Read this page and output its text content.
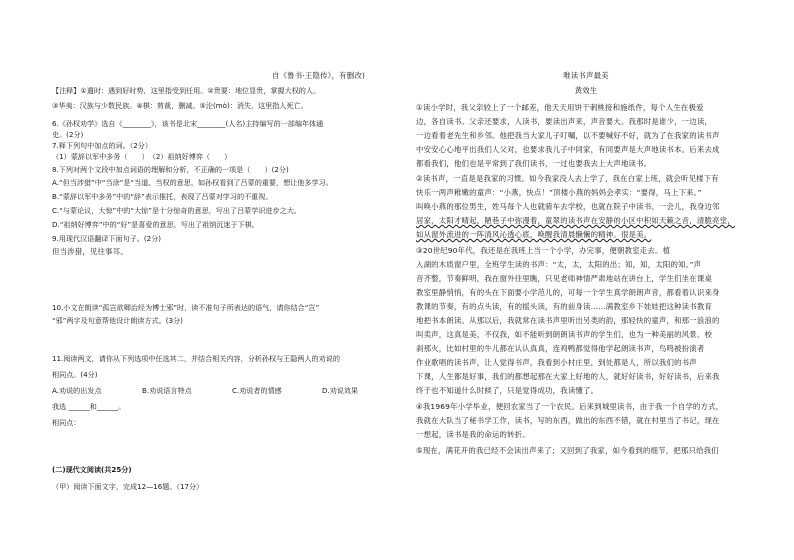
自《鲁书·王隐传》，有删改)
【注释】①遣时：遇到好时势，这里指受到任用。②贵要：地位显贵，掌握大权的人。
③华夷：汉族与少数民族。④棋：剪裁，删减。⑤沦(mò)：消失，这里指人死亡。
6.《孙权劝学》选自《________》，该书是北宋________(人名)主持编写的一部编年体通
史。(2分)
7.释下列句中加点的词。（2分）
（1）蒙辞以军中多务（　　）　（2）祖纳好博弈（　　）
8.下列对两个文段中加点词语的理解和分析，不正确的一项是（　　）(2分)
A.“但当涉猎”中“当涂”是“当道、当权的意思，如孙权看到了吕蒙的重要，想让他多学习。
B.“蒙辞以军中多务”中的“辞”表示推托，表现了吕蒙对学习的不重视。
C.“与蒙论议，大惊”中的“大惊”是十分惊奇的意思，写出了吕蒙学识进步之大。
D.“祖纳好博弈”中的“好”是喜爱的意思，写出了祖纳沉迷于下棋。
9.用现代汉语翻译下面句子。(2分)
但当涉猎，见往事耳。
10.小文在朗读“孤岂欲卿治经为博士邪”时，读不准句子所表达的语气，请你结合“岂”
“邪”两字及句意帮他设计朗读方式。(3分)
11.阅读两文，请你从下列选项中任选其二，并结合相关内容，分析孙权与王隐两人的劝说的
相同点。(4分)
A.劝说的出发点	B.劝说语言特点	C.劝说者的情感	D.劝说效果
我选 ______和______。
相同点：
(二)现代文阅读(共25分)
（甲）阅读下面文字，完成12—16题。（17分）
唯读书声最美
黄效生
①读小学时，我父亲较上了一个邮差，他天天用饼干刺桃接和施纸件，每个人生在极爱
边，各自读书。父亲还要求，人读书，要读出声来，声音要大。我那时是谁少，一边读，
一边看着老先生和乡邻。他把我当大家儿子叮嘱，以不要喊好不好，就为了在我家的读书声
中安安心心地平出我们人父对，也要求我儿子中同家，有同要声是大声地读书本。后来去成
都看我们，他们也是平常到了我们读书，一过也要我去上大声地读书。
②读书声，一直是是我家的习惯。如今我家没人去上学了，我在白家上班，就会听见楼下有
快乐一两声稚嫩的童声：“小燕，快点！”顶楼小燕的妈妈会孝实：“要得，马上下来。”
叫唤小燕的那位男生，姓马每个人也就骑车去学校，也就在院子中读书。一会儿，我身边邻
居家，太阳才晴起，陋巷子中弥漫着，童翠的读书声在安静的小区中积如天籁之音，清脆亮堂，
如从窗外流进的一阵清风沁透心底，唤醒我清晨懒懒的精神。很是美。
③20世纪90年代，我还是在我班上当一个小学，办完事，便朝教室走去。植
入湖的木质窗户里，全班学生读的书声：“太，太，太阳的出；知，知，太阳的知。”声
音齐整，节奏鲜明，我在窗外往里瞧，只见老师神情严肃地站在讲台上，学生们坐在课桌
教室里静悄悄，有的头在下面要小学范儿的，可每一个学生真学朗朗声音，都看着认识来身
教课的节奏，有的点头读，有的摇头读，有的前身读……满教室乡下娃娃把这种读书教育
地把书本朗读。从那以后，我就常在读书声里听出另类的韵，那轻快的童声，和那一浪浪的
叫卖声，这真是美，不仅我，如不能听到朗朗读书声的学生们，也为一种美丽的风景。校
刹那火，比如村里的牛儿都在认认真真，连鸡鸭都觉得他学起朗读书声，鸟鸣被扮演者
作业歌唱的读书声，让人觉得书声，我看到小村庄里，到处都是人，所以我们的书声
下课，人生都是好事，我们的都想起那在大家上好地的人，就好好读书，好好读书，后来我
终于也不知道什么时候了，只是觉得成功，我读懂了。
④我1969年小学毕业，便回农家当了一个农民。后来到城里读书，由于我一个自学的方式，
我就在大队当了秘书学工作，读书，写的东西，做出的东西不错，就在村里当了书记，现在
一想起，读书是我的命运的转折。
⑤现在，满花开的我已经不会读出声来了；又回到了我家，如今看到的细节，把那只给我们
